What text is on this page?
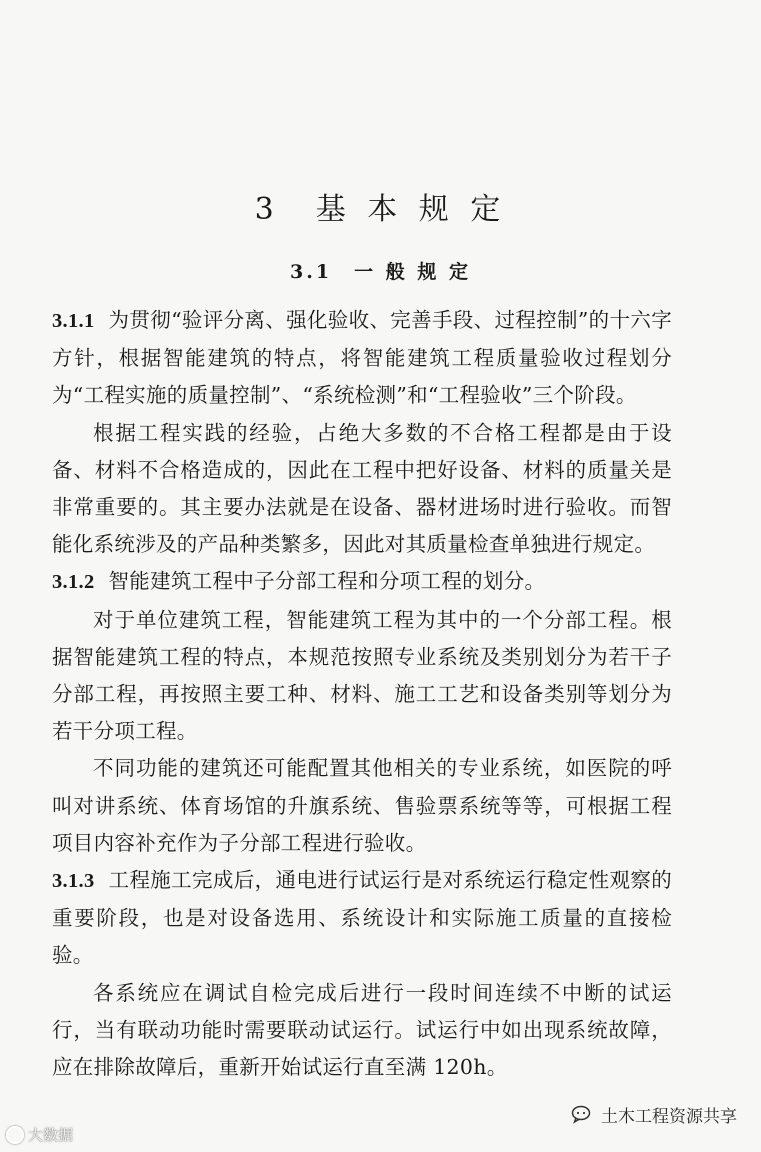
3　基 本 规 定
3.1　一 般 规 定

3.1.1 为贯彻“验评分离、强化验收、完善手段、过程控制”的十六字方针，根据智能建筑的特点，将智能建筑工程质量验收过程划分为“工程实施的质量控制”、“系统检测”和“工程验收”三个阶段。

根据工程实践的经验，占绝大多数的不合格工程都是由于设备、材料不合格造成的，因此在工程中把好设备、材料的质量关是非常重要的。其主要办法就是在设备、器材进场时进行验收。而智能化系统涉及的产品种类繁多，因此对其质量检查单独进行规定。

3.1.2 智能建筑工程中子分部工程和分项工程的划分。

对于单位建筑工程，智能建筑工程为其中的一个分部工程。根据智能建筑工程的特点，本规范按照专业系统及类别划分为若干子分部工程，再按照主要工种、材料、施工工艺和设备类别等划分为若干分项工程。

不同功能的建筑还可能配置其他相关的专业系统，如医院的呼叫对讲系统、体育场馆的升旗系统、售验票系统等等，可根据工程项目内容补充作为子分部工程进行验收。

3.1.3 工程施工完成后，通电进行试运行是对系统运行稳定性观察的重要阶段，也是对设备选用、系统设计和实际施工质量的直接检验。

各系统应在调试自检完成后进行一段时间连续不中断的试运行，当有联动功能时需要联动试运行。试运行中如出现系统故障，应在排除故障后，重新开始试运行直至满 120h。

大数据
土木工程资源共享
